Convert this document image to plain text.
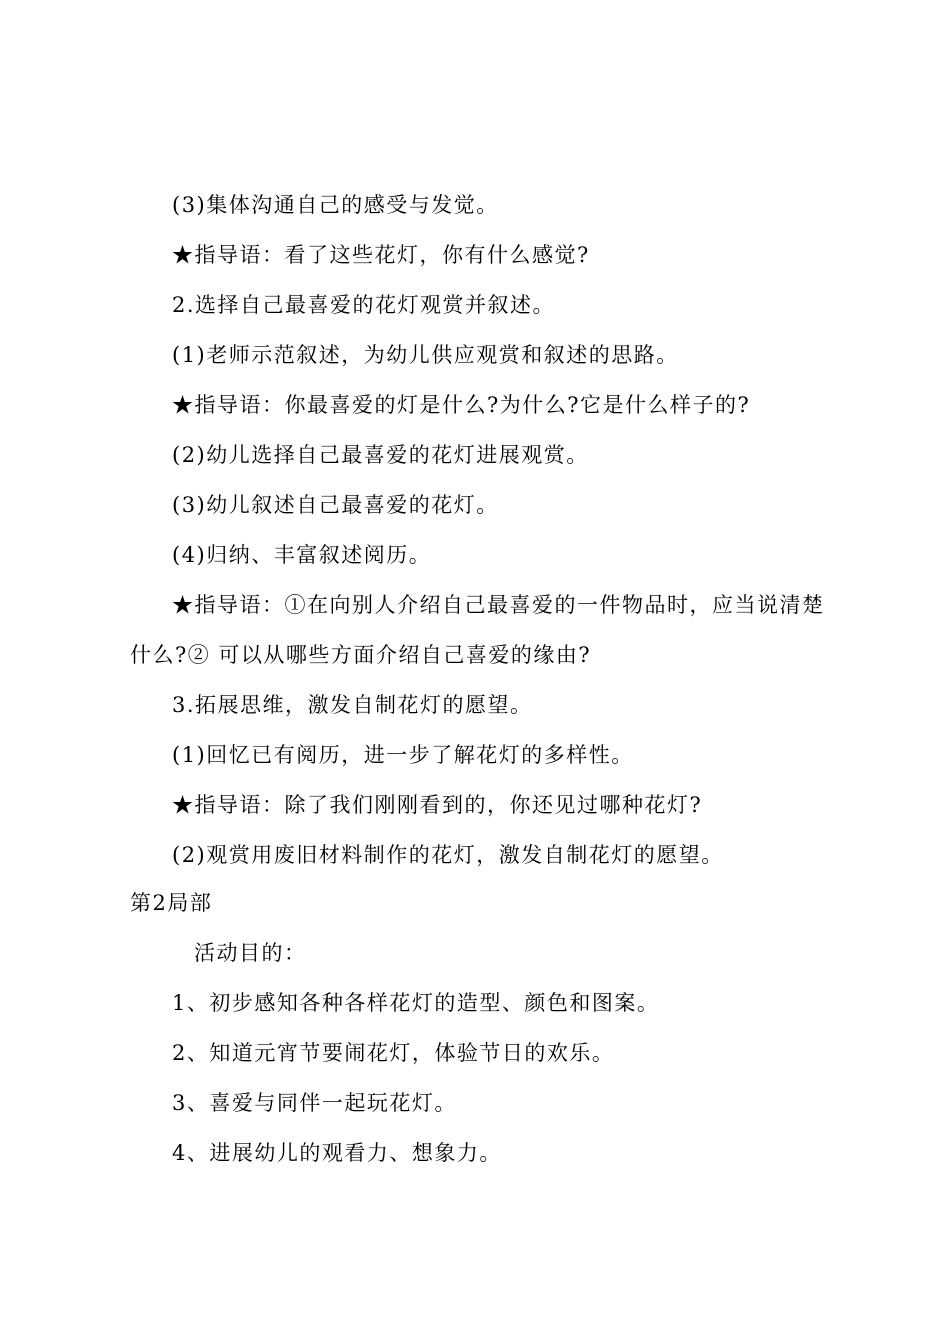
(3)集体沟通自己的感受与发觉。
★指导语：看了这些花灯，你有什么感觉?
2.选择自己最喜爱的花灯观赏并叙述。
(1)老师示范叙述，为幼儿供应观赏和叙述的思路。
★指导语：你最喜爱的灯是什么?为什么?它是什么样子的?
(2)幼儿选择自己最喜爱的花灯进展观赏。
(3)幼儿叙述自己最喜爱的花灯。
(4)归纳、丰富叙述阅历。
★指导语：①在向别人介绍自己最喜爱的一件物品时，应当说清楚
什么?② 可以从哪些方面介绍自己喜爱的缘由?
3.拓展思维，激发自制花灯的愿望。
(1)回忆已有阅历，进一步了解花灯的多样性。
★指导语：除了我们刚刚看到的，你还见过哪种花灯?
(2)观赏用废旧材料制作的花灯，激发自制花灯的愿望。
第2局部
活动目的：
1、初步感知各种各样花灯的造型、颜色和图案。
2、知道元宵节要闹花灯，体验节日的欢乐。
3、喜爱与同伴一起玩花灯。
4、进展幼儿的观看力、想象力。
